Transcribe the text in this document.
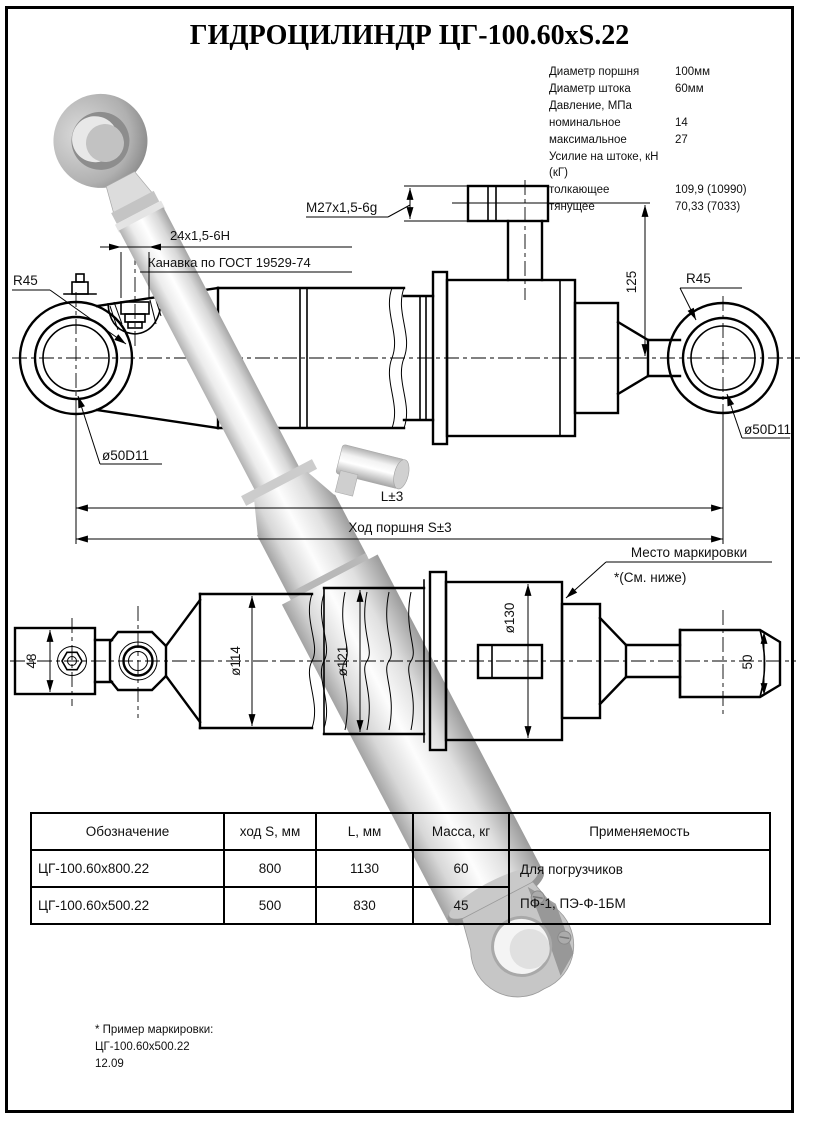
ГИДРОЦИЛИНДР ЦГ-100.60xS.22
Диаметр поршня	100мм
Диаметр штока	60мм
Давление, МПа
номинальное	14
максимальное	27
Усилие на штоке, кН (кГ)
толкающее	109,9 (10990)
тянущее	70,33 (7033)
M27x1,5-6g
24x1,5-6Н
Канавка по ГОСТ 19529-74
125
R45	R45
ø50D11
ø50D11
L±3
Ход поршня S±3
Место маркировки
*(См. ниже)
48	ø114	ø121
ø130
50
Обозначение	ход S, мм	L, мм	Масса, кг	Применяемость
ЦГ-100.60x800.22	800	1130	60	Для погрузчиков
ПФ-1, ПЭ-Ф-1БМ

ЦГ-100.60x500.22	500	830	45	
* Пример маркировки:
ЦГ-100.60x500.22
12.09
